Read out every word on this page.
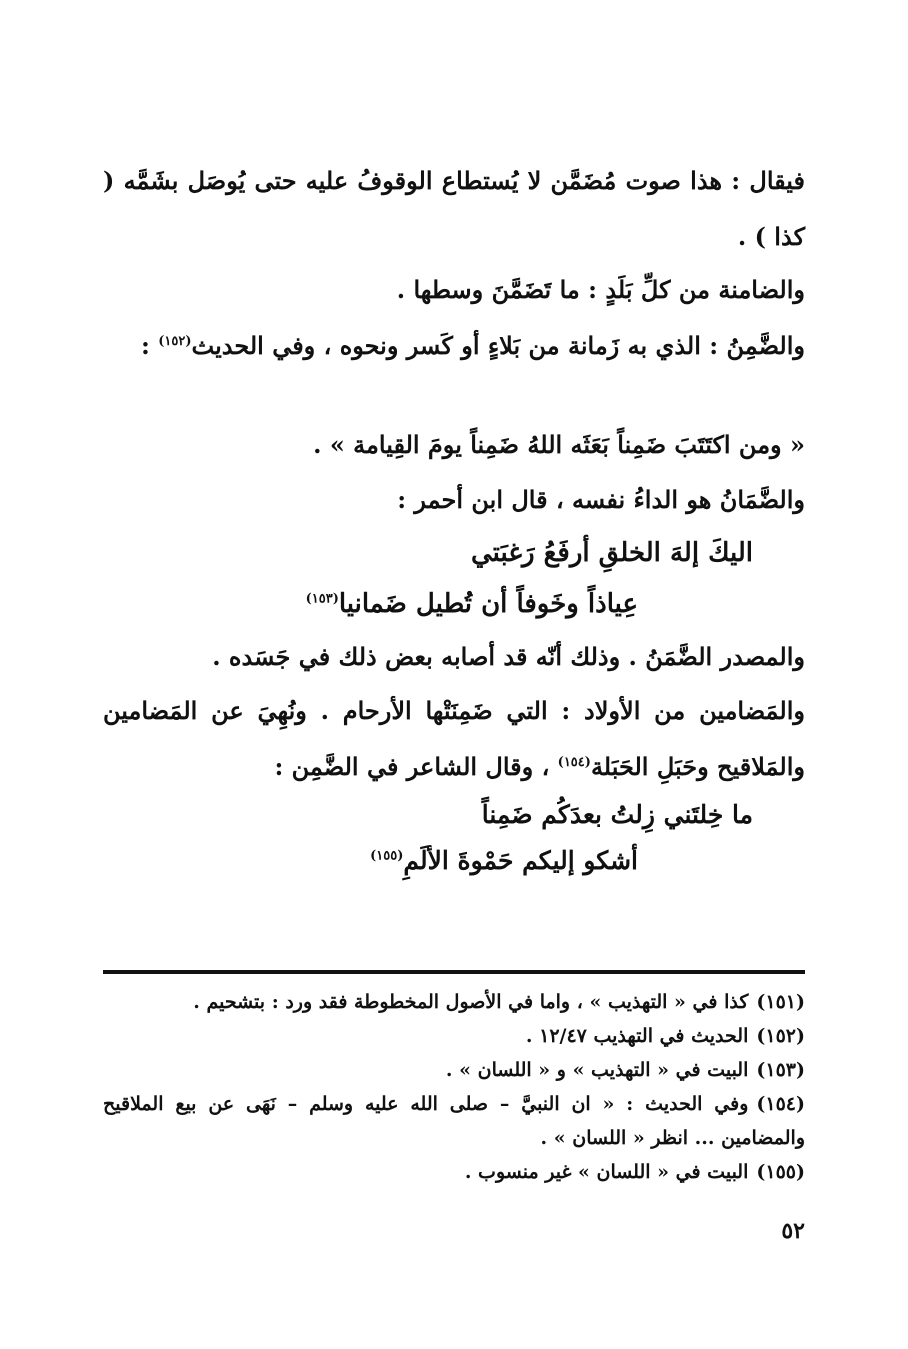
فيقال : هذا صوت مُضَمَّن لا يُستطاع الوقوفُ عليه حتى يُوصَل بشَمَّه ( كذا ) .

والضامنة من كلِّ بَلَدٍ : ما تَضَمَّنَ وسطها .

والضَّمِنُ : الذي به زَمانة من بَلاءٍ أو كَسر ونحوه ، وفي الحديث$^{(١٥٢)}$ :

« ومن اكتَتَبَ ضَمِناً بَعَثَه اللهُ ضَمِناً يومَ القِيامة » .

والضَّمَانُ هو الداءُ نفسه ، قال ابن أحمر :

اليكَ إلهَ الخلقِ أرفَعُ رَغبَتي

عِياذاً وخَوفاً أن تُطيل ضَمانيا$^{(١٥٣)}$

والمصدر الضَّمَنُ . وذلك أنّه قد أصابه بعض ذلك في جَسَده .

والمَضامين من الأولاد : التي ضَمِنَتْها الأرحام . ونُهِيَ عن المَضامين والمَلاقيح وحَبَلِ الحَبَلة$^{(١٥٤)}$ ، وقال الشاعر في الضَّمِن :

ما خِلتَني زِلتُ بعدَكُم ضَمِناً

أشكو إليكم حَمْوةَ الألَمِ$^{(١٥٥)}$

(١٥١)كذا في « التهذيب » ، واما في الأصول المخطوطة فقد ورد : بتشحيم .
(١٥٢)الحديث في التهذيب ١٢/٤٧ .
(١٥٣)البيت في « التهذيب » و « اللسان » .
(١٥٤)وفي الحديث : « ان النبيَّ – صلى الله عليه وسلم – نَهَى عن بيع الملاقيح والمضامين ... انظر « اللسان » .
(١٥٥)البيت في « اللسان » غير منسوب .
٥٢
